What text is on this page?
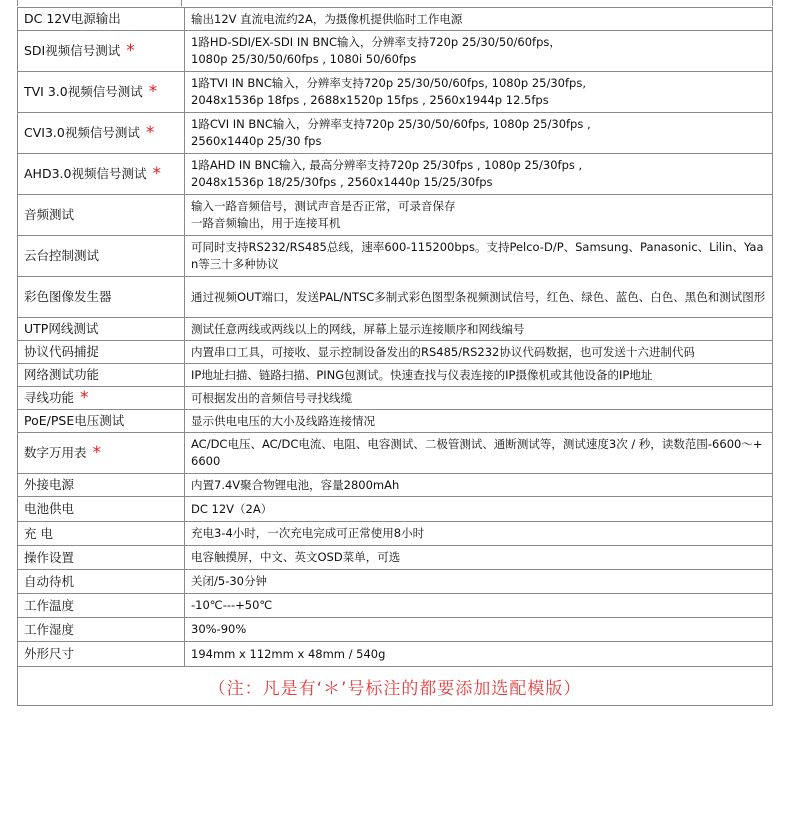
DC 12V电源输出	输出12V 直流电流约2A，为摄像机提供临时工作电源

SDI视频信号测试 *	1路HD-SDI/EX-SDI IN BNC输入，分辨率支持720p 25/30/50/60fps，
1080p 25/30/50/60fps , 1080i 50/60fps

TVI 3.0视频信号测试 *	1路TVI IN BNC输入，分辨率支持720p 25/30/50/60fps, 1080p 25/30fps,
2048x1536p 18fps , 2688x1520p 15fps , 2560x1944p 12.5fps

CVI3.0视频信号测试 *	1路CVI IN BNC输入，分辨率支持720p 25/30/50/60fps, 1080p 25/30fps ,
2560x1440p 25/30 fps

AHD3.0视频信号测试 *	1路AHD IN BNC输入, 最高分辨率支持720p 25/30fps , 1080p 25/30fps ,
2048x1536p 18/25/30fps , 2560x1440p 15/25/30fps

音频测试	输入一路音频信号，测试声音是否正常，可录音保存
一路音频输出，用于连接耳机

云台控制测试	可同时支持RS232/RS485总线，速率600-115200bps。支持Pelco-D/P、Samsung、Panasonic、Lilin、Yaan等三十多种协议

彩色图像发生器	通过视频OUT端口，发送PAL/NTSC多制式彩色图型条视频测试信号，红色、绿色、蓝色、白色、黑色和测试图形

UTP网线测试	测试任意两线或两线以上的网线，屏幕上显示连接顺序和网线编号

协议代码捕捉	内置串口工具，可接收、显示控制设备发出的RS485/RS232协议代码数据，也可发送十六进制代码

网络测试功能	IP地址扫描、链路扫描、PING包测试。快速查找与仪表连接的IP摄像机或其他设备的IP地址

寻线功能 *	可根据发出的音频信号寻找线缆

PoE/PSE电压测试	显示供电电压的大小及线路连接情况

数字万用表 *	AC/DC电压、AC/DC电流、电阻、电容测试、二极管测试、通断测试等，测试速度3次 / 秒，读数范围-6600～+6600

外接电源	内置7.4V聚合物锂电池，容量2800mAh

电池供电	DC 12V（2A）

充 电	充电3-4小时，一次充电完成可正常使用8小时

操作设置	电容触摸屏，中文、英文OSD菜单，可选

自动待机	关闭/5-30分钟

工作温度	-10℃---+50℃

工作湿度	30%-90%

外形尺寸	194mm x 112mm x 48mm / 540g

（注：凡是有‘＊’号标注的都要添加选配模版）	
